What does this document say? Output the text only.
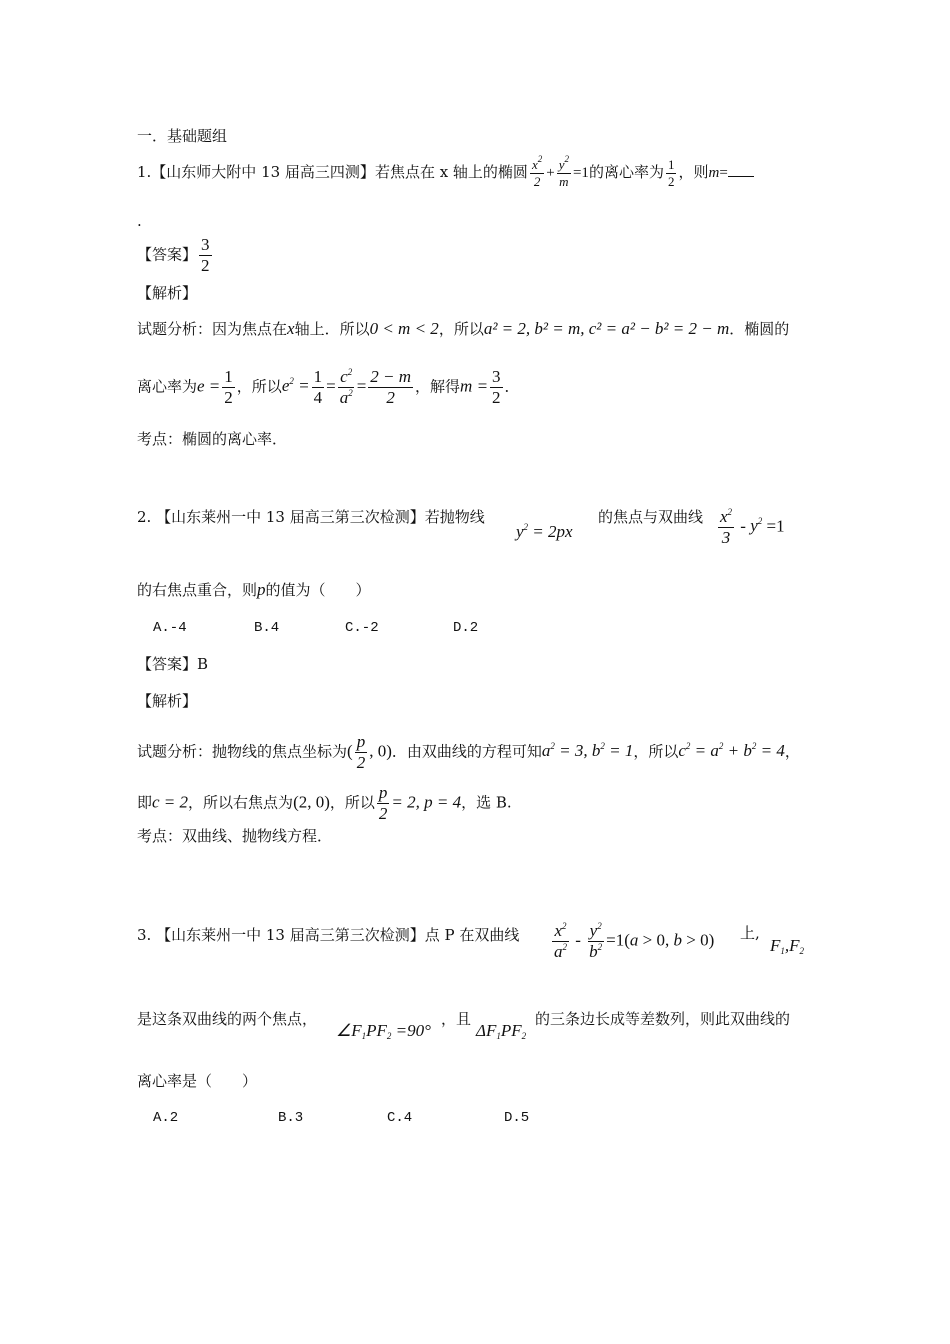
一．基础题组
1.【山东师大附中 13 届高三四测】若焦点在 x 轴上的椭圆 $\frac{x^2}{2} + \frac{y^2}{m} =1$的离心率为 $\frac{1}{2}$ ，则m=
.
【答案】 $\frac{3}{2}$
【解析】
试题分析：因为焦点在x轴上．所以0 < m < 2，所以a² = 2, b² = m, c² = a² − b² = 2 − m．椭圆的
离心率为$e = \frac{1}{2}$ ，所以$e^2 = \frac{1}{4} = \frac{c^2}{a^2} = \frac{2 - m}{2}$ ，解得$m = \frac{3}{2}$ ．
考点：椭圆的离心率．
2. 【山东莱州一中 13 届高三第三次检测】若抛物线
$y^2 = 2px$
的焦点与双曲线 $\frac{x^2}{3} - y^2 =1$
的右焦点重合，则p的值为（　　）
A.-4	B.4	C.-2	D.2
【答案】B
【解析】
试题分析：抛物线的焦点坐标为( $\frac{p}{2}$ , 0)．由双曲线的方程可知$a^2 = 3$, $b^2 = 1$，所以$c^2 = a^2 + b^2 = 4$，
即c = 2，所以右焦点为(2, 0)，所以 $\frac{p}{2} = 2$, p = 4，选 B.
考点：双曲线、抛物线方程．
3. 【山东莱州一中 13 届高三第三次检测】点 P 在双曲线 $\frac{x^2}{a^2} - \frac{y^2}{b^2} =1(a > 0$, b > 0) 上,
$F_1,F_2$
是这条双曲线的两个焦点，
$\angle F_1PF_2 =90^\circ$
，且
$\Delta F_1PF_2$
的三条边长成等差数列，则此双曲线的
离心率是（　　）
A.2	B.3	C.4	D.5
